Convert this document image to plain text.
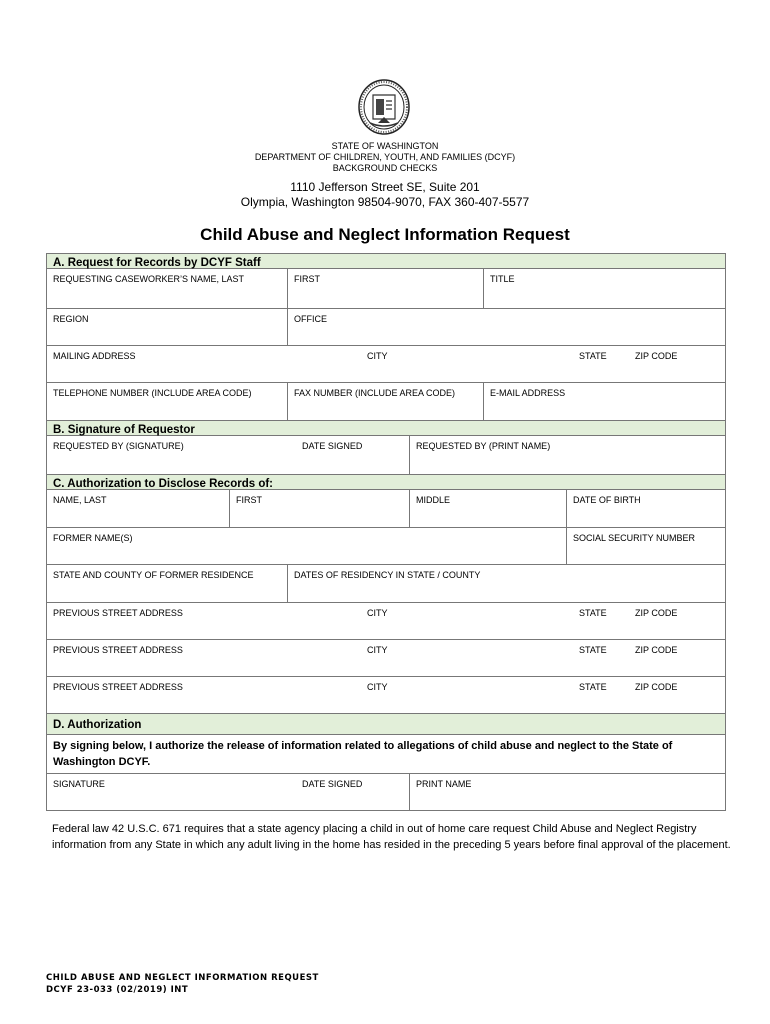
STATE OF WASHINGTON
DEPARTMENT OF CHILDREN, YOUTH, AND FAMILIES (DCYF)
BACKGROUND CHECKS
1110 Jefferson Street SE, Suite 201
Olympia, Washington 98504-9070, FAX 360-407-5577
Child Abuse and Neglect Information Request
A. Request for Records by DCYF Staff
REQUESTING CASEWORKER’S NAME, LAST	FIRST	TITLE
REGION	OFFICE
MAILING ADDRESS	CITY	STATE	ZIP CODE
TELEPHONE NUMBER (INCLUDE AREA CODE)	FAX NUMBER (INCLUDE AREA CODE)	E-MAIL ADDRESS
B. Signature of Requestor
REQUESTED BY (SIGNATURE)	DATE SIGNED	REQUESTED BY (PRINT NAME)
C. Authorization to Disclose Records of:
NAME, LAST	FIRST	MIDDLE	DATE OF BIRTH
FORMER NAME(S)	SOCIAL SECURITY NUMBER
STATE AND COUNTY OF FORMER RESIDENCE	DATES OF RESIDENCY IN STATE / COUNTY
PREVIOUS STREET ADDRESS	CITY	STATE	ZIP CODE
PREVIOUS STREET ADDRESS	CITY	STATE	ZIP CODE
PREVIOUS STREET ADDRESS	CITY	STATE	ZIP CODE
D. Authorization
By signing below, I authorize the release of information related to allegations of child abuse and neglect to the State of Washington DCYF.
SIGNATURE	DATE SIGNED	PRINT NAME
Federal law 42 U.S.C. 671 requires that a state agency placing a child in out of home care request Child Abuse and Neglect Registry information from any State in which any adult living in the home has resided in the preceding 5 years before final approval of the placement.
CHILD ABUSE AND NEGLECT INFORMATION REQUEST
DCYF 23-033 (02/2019) INT
